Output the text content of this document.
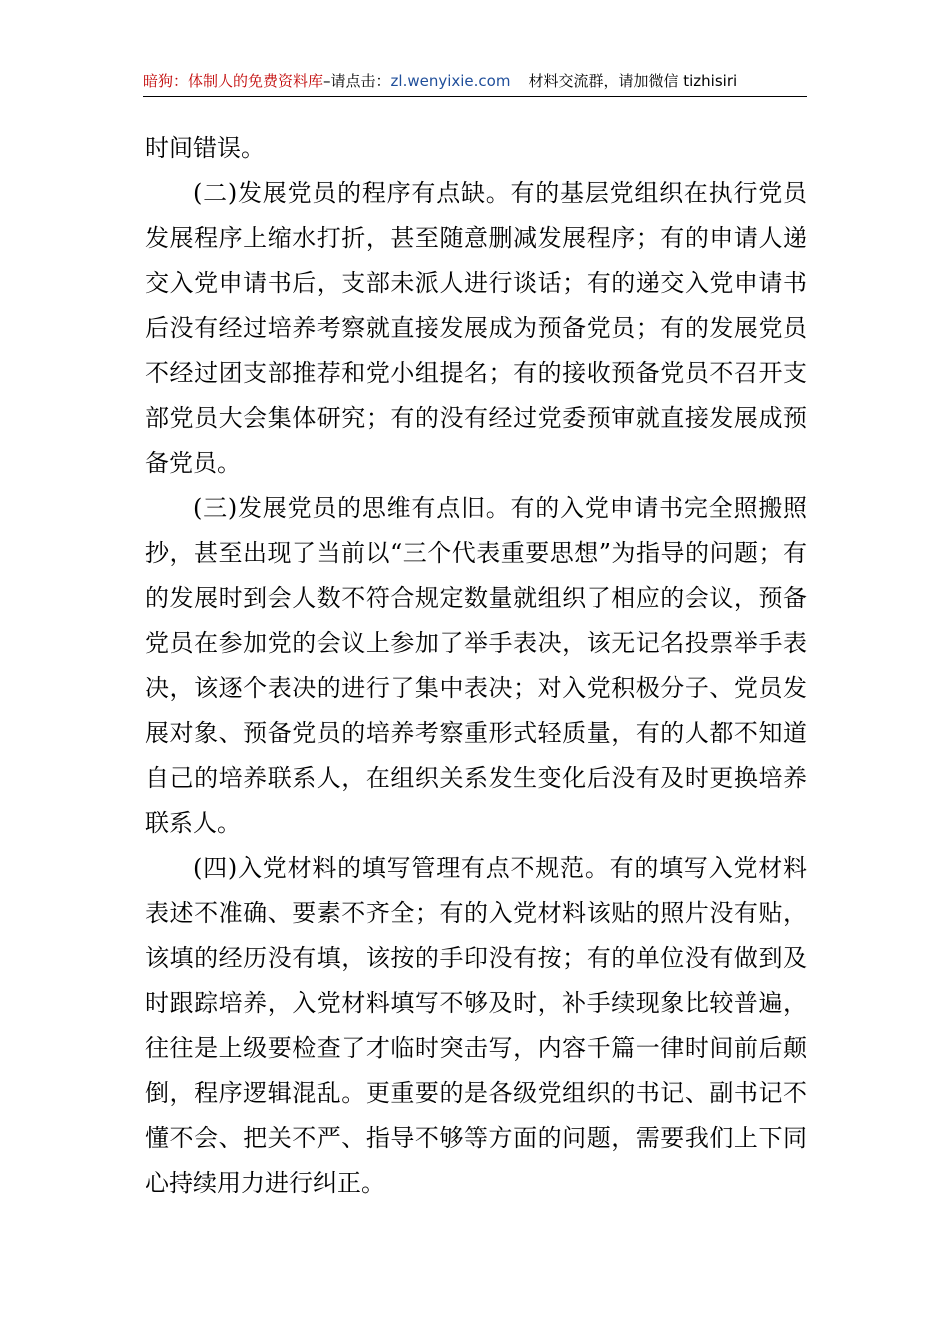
暗狗：体制人的免费资料库–请点击：zl.wenyixie.com 材料交流群，请加微信 tizhisiri

时间错误。

(二)发展党员的程序有点缺。有的基层党组织在执行党员发展程序上缩水打折，甚至随意删减发展程序；有的申请人递交入党申请书后，支部未派人进行谈话；有的递交入党申请书后没有经过培养考察就直接发展成为预备党员；有的发展党员不经过团支部推荐和党小组提名；有的接收预备党员不召开支部党员大会集体研究；有的没有经过党委预审就直接发展成预备党员。

(三)发展党员的思维有点旧。有的入党申请书完全照搬照抄，甚至出现了当前以“三个代表重要思想”为指导的问题；有的发展时到会人数不符合规定数量就组织了相应的会议，预备党员在参加党的会议上参加了举手表决，该无记名投票举手表决，该逐个表决的进行了集中表决；对入党积极分子、党员发展对象、预备党员的培养考察重形式轻质量，有的人都不知道自己的培养联系人，在组织关系发生变化后没有及时更换培养联系人。

(四)入党材料的填写管理有点不规范。有的填写入党材料表述不准确、要素不齐全；有的入党材料该贴的照片没有贴，该填的经历没有填，该按的手印没有按；有的单位没有做到及时跟踪培养，入党材料填写不够及时，补手续现象比较普遍，往往是上级要检查了才临时突击写，内容千篇一律时间前后颠倒，程序逻辑混乱。更重要的是各级党组织的书记、副书记不懂不会、把关不严、指导不够等方面的问题，需要我们上下同心持续用力进行纠正。
